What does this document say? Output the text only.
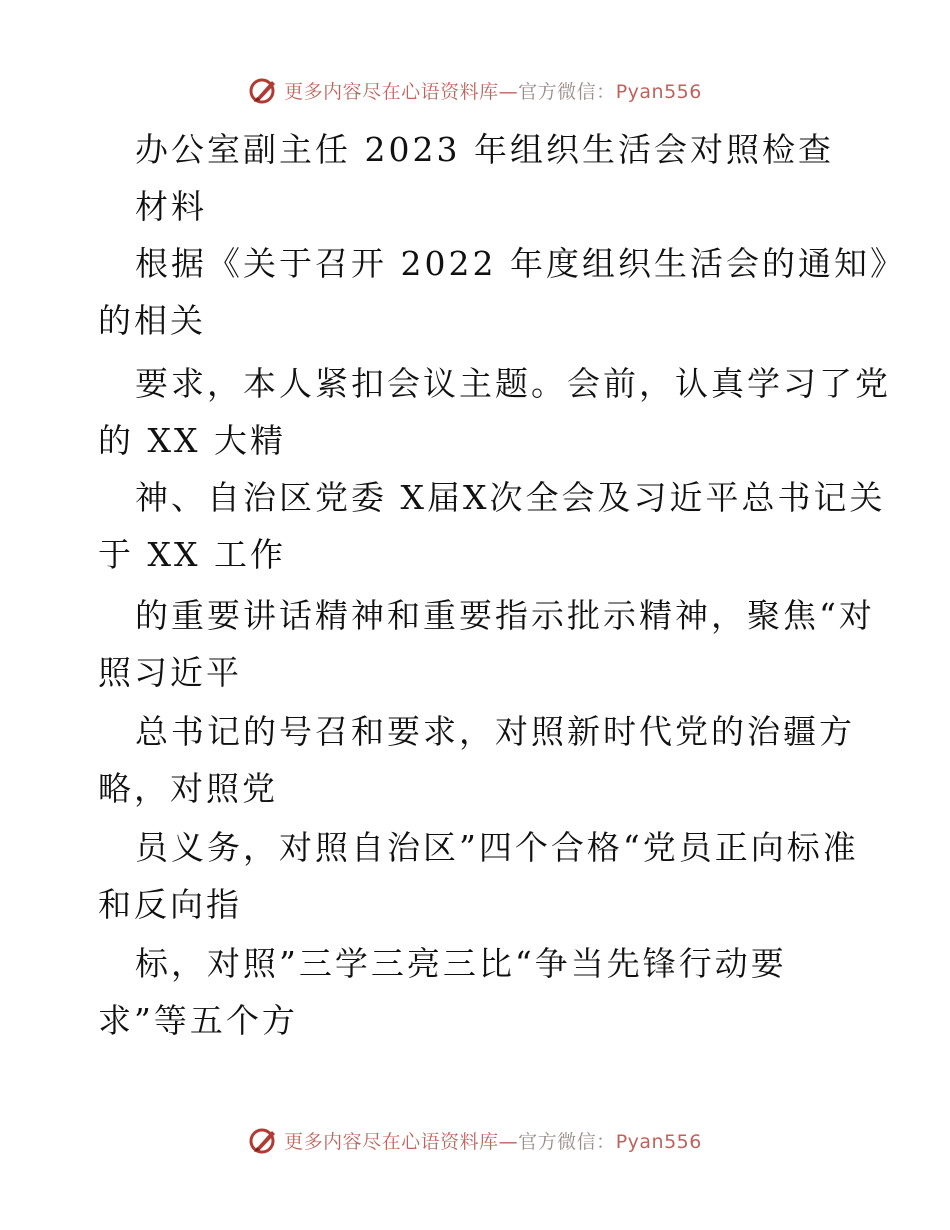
更多内容尽在心语资料库—官方微信：Pyan556
办公室副主任 2023 年组织生活会对照检查
材料
根据《关于召开 2022 年度组织生活会的通知》
的相关
要求，本人紧扣会议主题。会前，认真学习了党
的 XX 大精
神、自治区党委 X届X次全会及习近平总书记关
于 XX 工作
的重要讲话精神和重要指示批示精神，聚焦“对
照习近平
总书记的号召和要求，对照新时代党的治疆方
略，对照党
员义务，对照自治区”四个合格“党员正向标准
和反向指
标，对照”三学三亮三比“争当先锋行动要
求”等五个方
更多内容尽在心语资料库—官方微信：Pyan556
